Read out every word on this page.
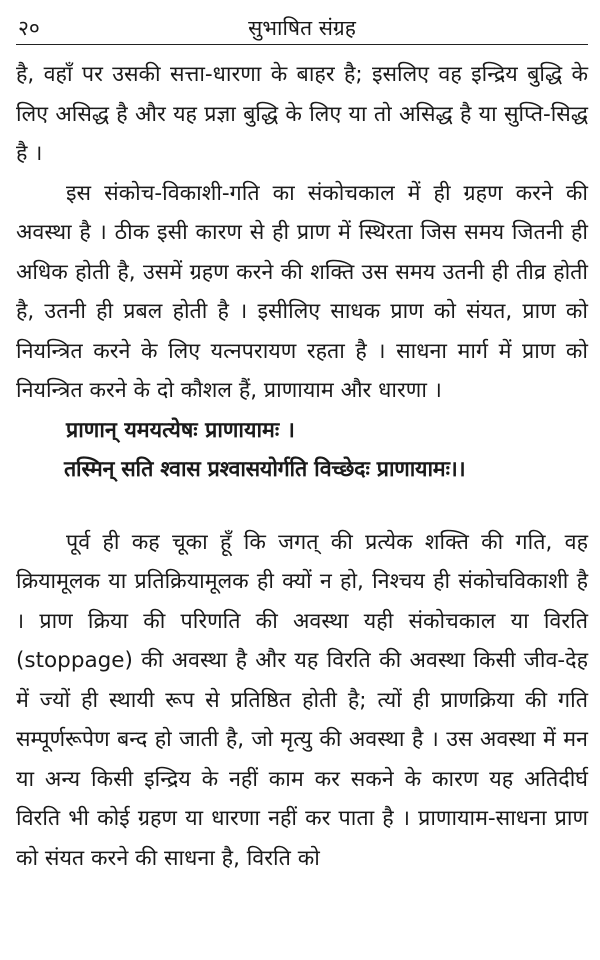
२०	सुभाषित संग्रह

है, वहाँ पर उसकी सत्ता-धारणा के बाहर है; इसलिए वह इन्द्रिय बुद्धि के लिए असिद्ध है और यह प्रज्ञा बुद्धि के लिए या तो असिद्ध है या सुप्ति-सिद्ध है ।

इस संकोच-विकाशी-गति का संकोचकाल में ही ग्रहण करने की अवस्था है । ठीक इसी कारण से ही प्राण में स्थिरता जिस समय जितनी ही अधिक होती है, उसमें ग्रहण करने की शक्ति उस समय उतनी ही तीव्र होती है, उतनी ही प्रबल होती है । इसीलिए साधक प्राण को संयत, प्राण को नियन्त्रित करने के लिए यत्नपरायण रहता है । साधना मार्ग में प्राण को नियन्त्रित करने के दो कौशल हैं, प्राणायाम और धारणा ।

प्राणान् यमयत्येषः प्राणायामः ।

तस्मिन् सति श्वास प्रश्वासयोर्गति विच्छेदः प्राणायामः।।

पूर्व ही कह चूका हूँ कि जगत् की प्रत्येक शक्ति की गति, वह क्रियामूलक या प्रतिक्रियामूलक ही क्यों न हो, निश्चय ही संकोचविकाशी है । प्राण क्रिया की परिणति की अवस्था यही संकोचकाल या विरति (stoppage) की अवस्था है और यह विरति की अवस्था किसी जीव-देह में ज्यों ही स्थायी रूप से प्रतिष्ठित होती है; त्यों ही प्राणक्रिया की गति सम्पूर्णरूपेण बन्द हो जाती है, जो मृत्यु की अवस्था है । उस अवस्था में मन या अन्य किसी इन्द्रिय के नहीं काम कर सकने के कारण यह अतिदीर्घ विरति भी कोई ग्रहण या धारणा नहीं कर पाता है । प्राणायाम-साधना प्राण को संयत करने की साधना है, विरति को
